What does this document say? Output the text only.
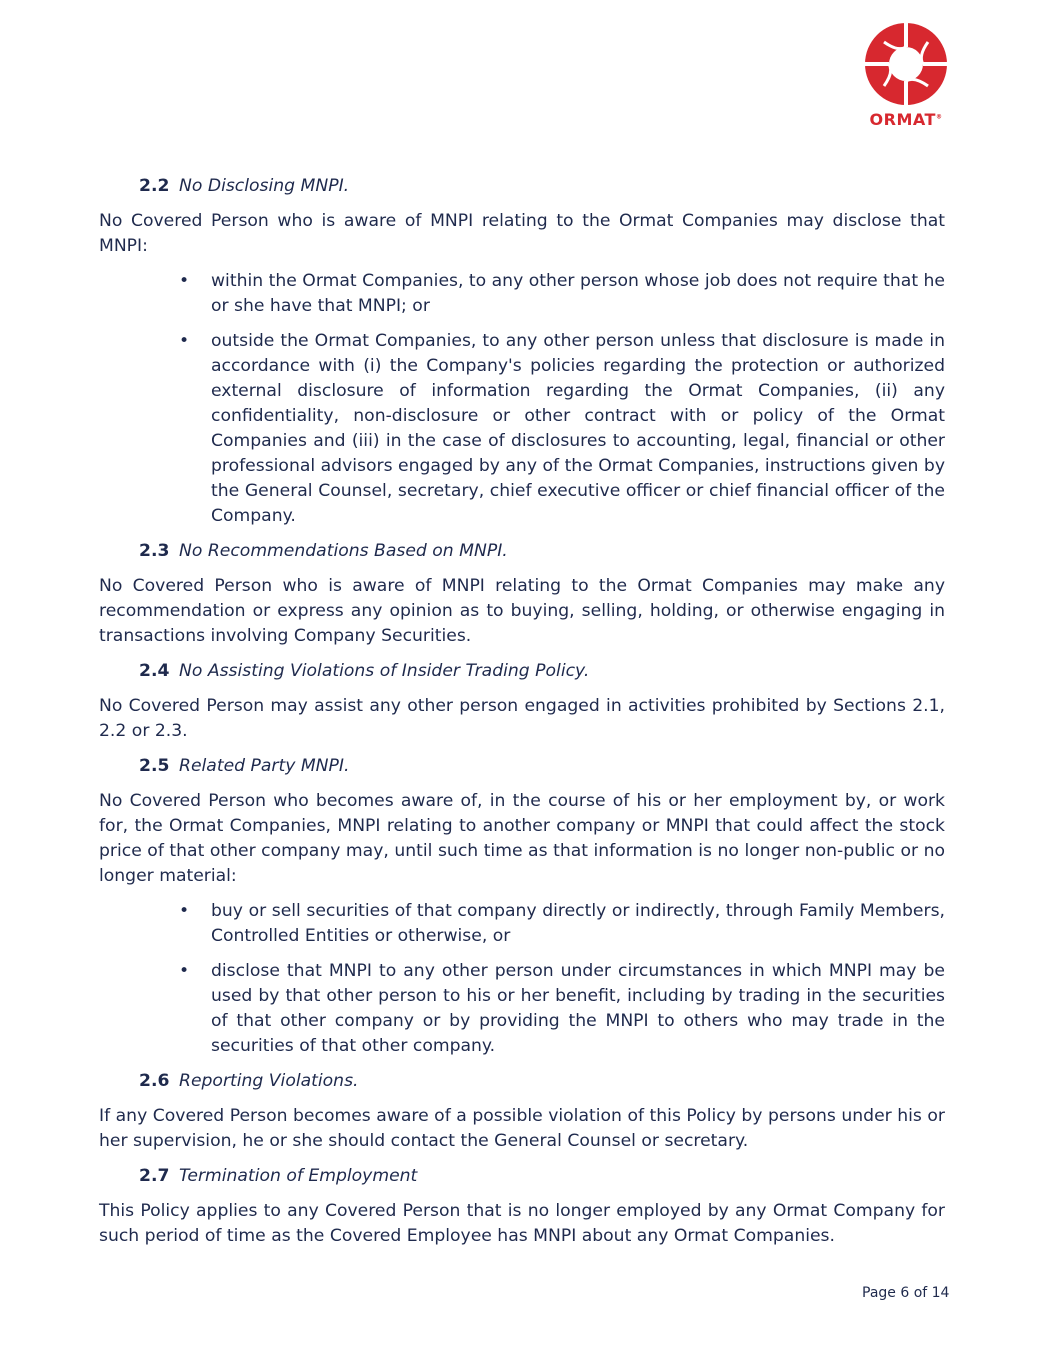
ORMAT®
2.2 No Disclosing MNPI.

No Covered Person who is aware of MNPI relating to the Ormat Companies may disclose that MNPI:

• within the Ormat Companies, to any other person whose job does not require that he or she have that MNPI; or
• outside the Ormat Companies, to any other person unless that disclosure is made in accordance with (i) the Company's policies regarding the protection or authorized external disclosure of information regarding the Ormat Companies, (ii) any confidentiality, non-disclosure or other contract with or policy of the Ormat Companies and (iii) in the case of disclosures to accounting, legal, financial or other professional advisors engaged by any of the Ormat Companies, instructions given by the General Counsel, secretary, chief executive officer or chief financial officer of the Company.
2.3 No Recommendations Based on MNPI.

No Covered Person who is aware of MNPI relating to the Ormat Companies may make any recommendation or express any opinion as to buying, selling, holding, or otherwise engaging in transactions involving Company Securities.

2.4 No Assisting Violations of Insider Trading Policy.

No Covered Person may assist any other person engaged in activities prohibited by Sections 2.1, 2.2 or 2.3.

2.5 Related Party MNPI.

No Covered Person who becomes aware of, in the course of his or her employment by, or work for, the Ormat Companies, MNPI relating to another company or MNPI that could affect the stock price of that other company may, until such time as that information is no longer non-public or no longer material:

• buy or sell securities of that company directly or indirectly, through Family Members, Controlled Entities or otherwise, or
• disclose that MNPI to any other person under circumstances in which MNPI may be used by that other person to his or her benefit, including by trading in the securities of that other company or by providing the MNPI to others who may trade in the securities of that other company.
2.6 Reporting Violations.

If any Covered Person becomes aware of a possible violation of this Policy by persons under his or her supervision, he or she should contact the General Counsel or secretary.

2.7 Termination of Employment

This Policy applies to any Covered Person that is no longer employed by any Ormat Company for such period of time as the Covered Employee has MNPI about any Ormat Companies.

Page 6 of 14
